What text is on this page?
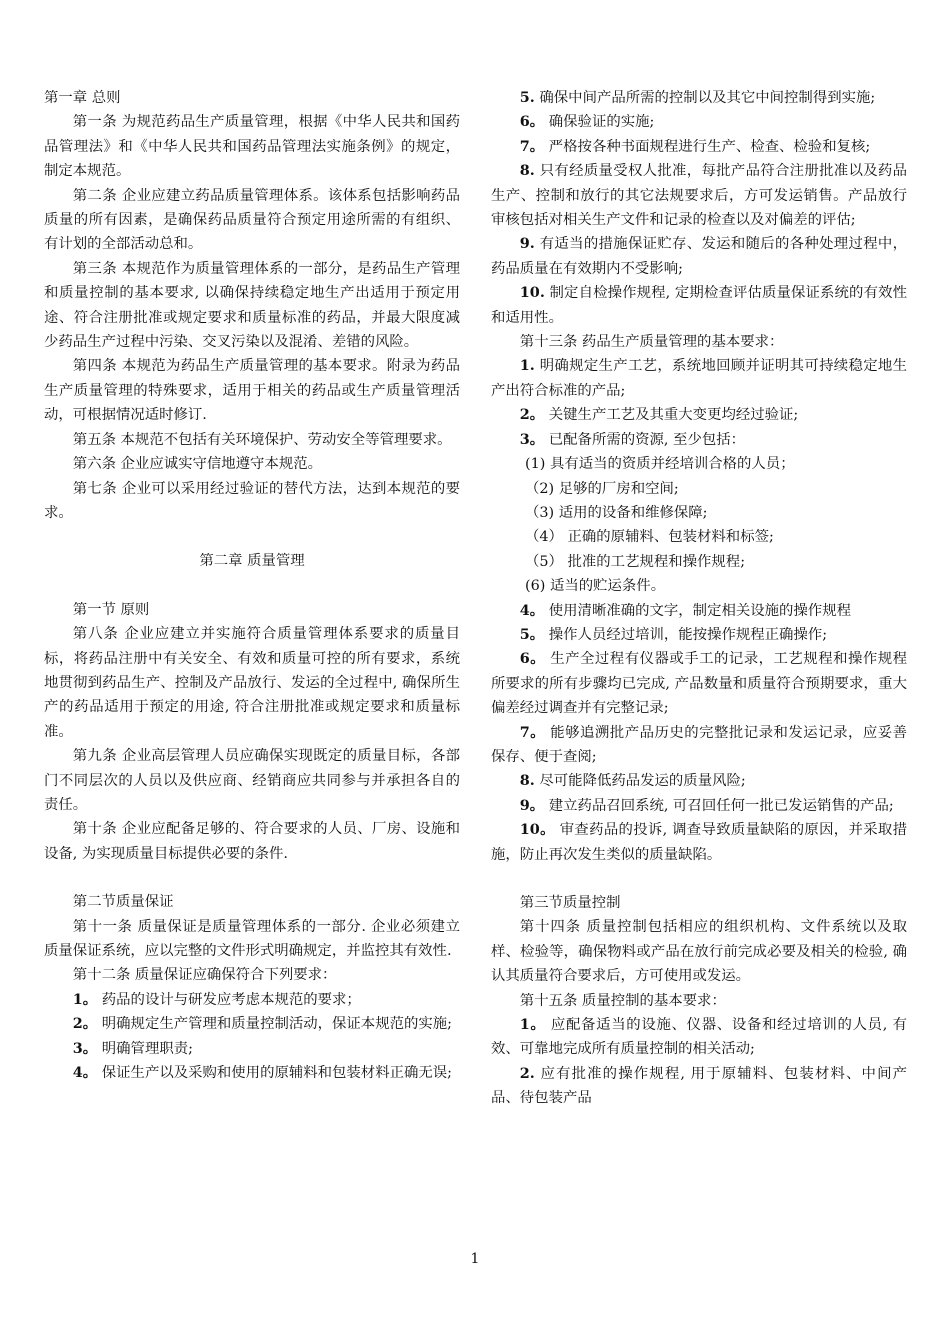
第一章 总则

第一条 为规范药品生产质量管理，根据《中华人民共和国药品管理法》和《中华人民共和国药品管理法实施条例》的规定，制定本规范。

第二条 企业应建立药品质量管理体系。该体系包括影响药品质量的所有因素，是确保药品质量符合预定用途所需的有组织、有计划的全部活动总和。

第三条 本规范作为质量管理体系的一部分，是药品生产管理和质量控制的基本要求, 以确保持续稳定地生产出适用于预定用途、符合注册批准或规定要求和质量标准的药品，并最大限度减少药品生产过程中污染、交叉污染以及混淆、差错的风险。

第四条 本规范为药品生产质量管理的基本要求。附录为药品生产质量管理的特殊要求，适用于相关的药品或生产质量管理活动，可根据情况适时修订.

第五条 本规范不包括有关环境保护、劳动安全等管理要求。

第六条 企业应诚实守信地遵守本规范。

第七条 企业可以采用经过验证的替代方法，达到本规范的要求。

第二章 质量管理

第一节 原则

第八条 企业应建立并实施符合质量管理体系要求的质量目标，将药品注册中有关安全、有效和质量可控的所有要求，系统地贯彻到药品生产、控制及产品放行、发运的全过程中, 确保所生产的药品适用于预定的用途, 符合注册批准或规定要求和质量标准。

第九条 企业高层管理人员应确保实现既定的质量目标，各部门不同层次的人员以及供应商、经销商应共同参与并承担各自的责任。

第十条 企业应配备足够的、符合要求的人员、厂房、设施和设备, 为实现质量目标提供必要的条件.

第二节质量保证

第十一条 质量保证是质量管理体系的一部分. 企业必须建立质量保证系统，应以完整的文件形式明确规定，并监控其有效性.

第十二条 质量保证应确保符合下列要求：

1。 药品的设计与研发应考虑本规范的要求；

2。 明确规定生产管理和质量控制活动，保证本规范的实施;

3。 明确管理职责;

4。 保证生产以及采购和使用的原辅料和包装材料正确无误;

5. 确保中间产品所需的控制以及其它中间控制得到实施;

6。 确保验证的实施;

7。 严格按各种书面规程进行生产、检查、检验和复核;

8. 只有经质量受权人批准，每批产品符合注册批准以及药品生产、控制和放行的其它法规要求后，方可发运销售。产品放行审核包括对相关生产文件和记录的检查以及对偏差的评估;

9. 有适当的措施保证贮存、发运和随后的各种处理过程中，药品质量在有效期内不受影响;

10. 制定自检操作规程, 定期检查评估质量保证系统的有效性和适用性。

第十三条 药品生产质量管理的基本要求：

1. 明确规定生产工艺，系统地回顾并证明其可持续稳定地生产出符合标准的产品;

2。 关键生产工艺及其重大变更均经过验证;

3。 已配备所需的资源, 至少包括：

(1) 具有适当的资质并经培训合格的人员；

（2) 足够的厂房和空间;

（3) 适用的设备和维修保障;

（4） 正确的原辅料、包装材料和标签;

（5） 批准的工艺规程和操作规程;

(6) 适当的贮运条件。

4。 使用清晰准确的文字，制定相关设施的操作规程

5。 操作人员经过培训，能按操作规程正确操作;

6。 生产全过程有仪器或手工的记录，工艺规程和操作规程所要求的所有步骤均已完成, 产品数量和质量符合预期要求，重大偏差经过调查并有完整记录;

7。 能够追溯批产品历史的完整批记录和发运记录，应妥善保存、便于查阅;

8. 尽可能降低药品发运的质量风险;

9。 建立药品召回系统, 可召回任何一批已发运销售的产品;

10。 审查药品的投诉, 调查导致质量缺陷的原因，并采取措施，防止再次发生类似的质量缺陷。

第三节质量控制

第十四条 质量控制包括相应的组织机构、文件系统以及取样、检验等，确保物料或产品在放行前完成必要及相关的检验, 确认其质量符合要求后，方可使用或发运。

第十五条 质量控制的基本要求：

1。 应配备适当的设施、仪器、设备和经过培训的人员, 有效、可靠地完成所有质量控制的相关活动;

2. 应有批准的操作规程, 用于原辅料、包装材料、中间产品、待包装产品

1
